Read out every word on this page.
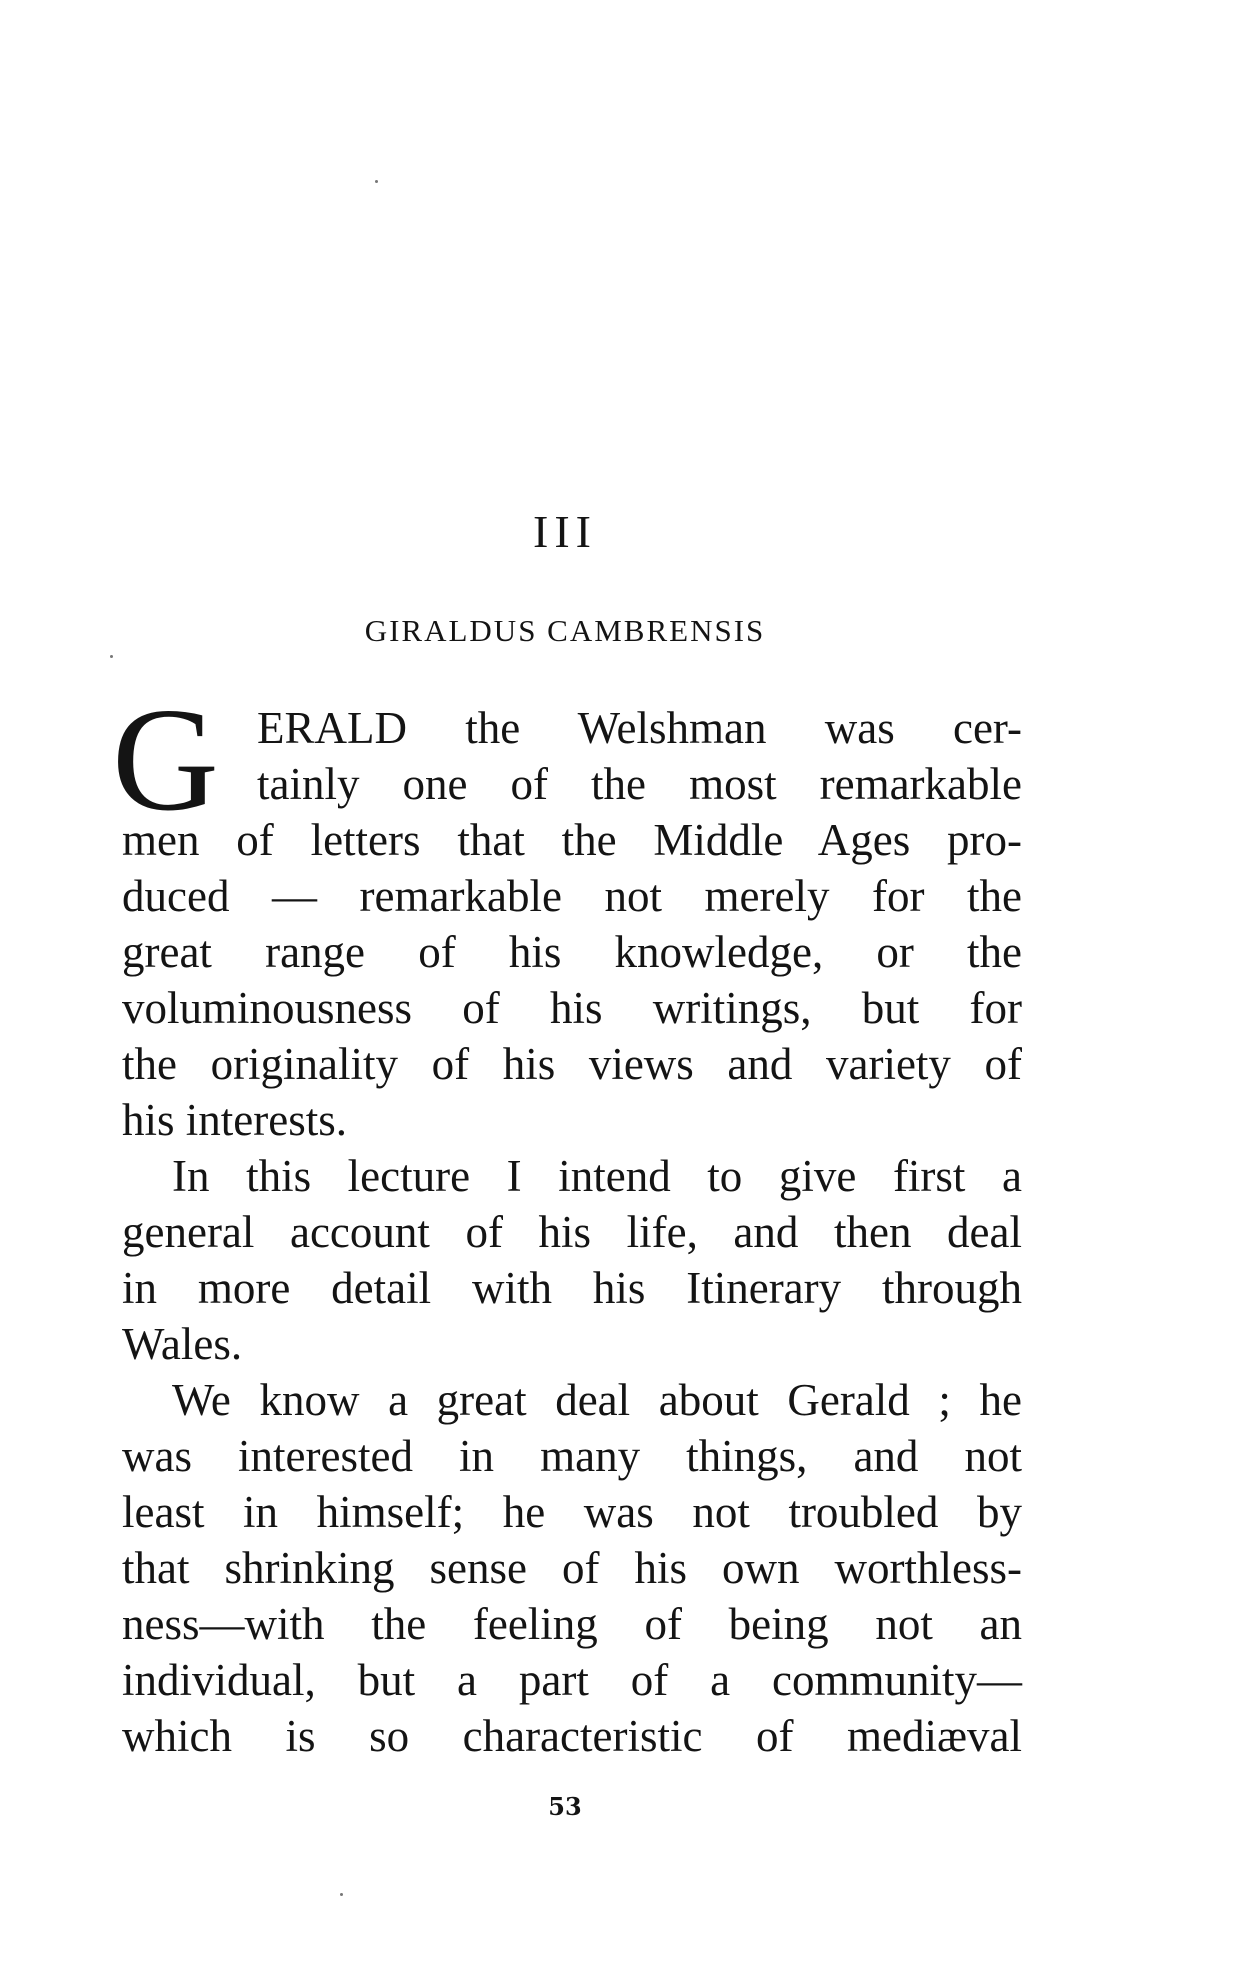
III
GIRALDUS CAMBRENSIS
G ERALD the Welshman was cer-
tainly one of the most remarkable
men of letters that the Middle Ages pro-
duced — remarkable not merely for the
great range of his knowledge, or the
voluminousness of his writings, but for
the originality of his views and variety of
his interests.
In this lecture I intend to give first a
general account of his life, and then deal
in more detail with his Itinerary through
Wales.
We know a great deal about Gerald ; he
was interested in many things, and not
least in himself; he was not troubled by
that shrinking sense of his own worthless-
ness—with the feeling of being not an
individual, but a part of a community—
which is so characteristic of mediæval
53
